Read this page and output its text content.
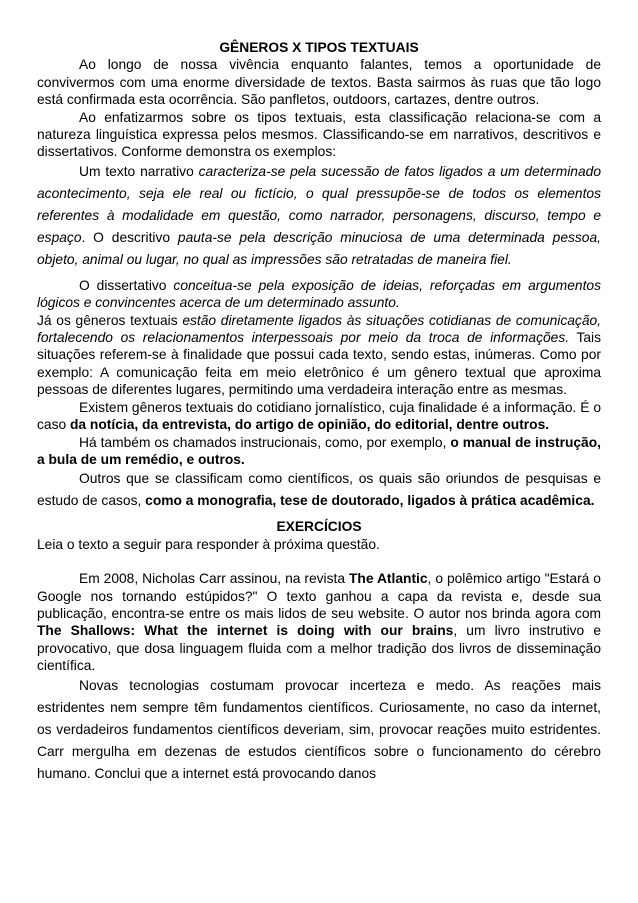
GÊNEROS X TIPOS TEXTUAIS

Ao longo de nossa vivência enquanto falantes, temos a oportunidade de convivermos com uma enorme diversidade de textos. Basta sairmos às ruas que tão logo está confirmada esta ocorrência. São panfletos, outdoors, cartazes, dentre outros.

Ao enfatizarmos sobre os tipos textuais, esta classificação relaciona-se com a natureza linguística expressa pelos mesmos. Classificando-se em narrativos, descritivos e dissertativos. Conforme demonstra os exemplos:

Um texto narrativo caracteriza-se pela sucessão de fatos ligados a um determinado acontecimento, seja ele real ou fictício, o qual pressupõe-se de todos os elementos referentes à modalidade em questão, como narrador, personagens, discurso, tempo e espaço. O descritivo pauta-se pela descrição minuciosa de uma determinada pessoa, objeto, animal ou lugar, no qual as impressões são retratadas de maneira fiel.

O dissertativo conceitua-se pela exposição de ideias, reforçadas em argumentos lógicos e convincentes acerca de um determinado assunto.

Já os gêneros textuais estão diretamente ligados às situações cotidianas de comunicação, fortalecendo os relacionamentos interpessoais por meio da troca de informações. Tais situações referem-se à finalidade que possui cada texto, sendo estas, inúmeras. Como por exemplo: A comunicação feita em meio eletrônico é um gênero textual que aproxima pessoas de diferentes lugares, permitindo uma verdadeira interação entre as mesmas.

Existem gêneros textuais do cotidiano jornalístico, cuja finalidade é a informação. É o caso da notícia, da entrevista, do artigo de opinião, do editorial, dentre outros.

Há também os chamados instrucionais, como, por exemplo, o manual de instrução, a bula de um remédio, e outros.

Outros que se classificam como científicos, os quais são oriundos de pesquisas e estudo de casos, como a monografia, tese de doutorado, ligados à prática acadêmica.

EXERCÍCIOS

Leia o texto a seguir para responder à próxima questão.

Em 2008, Nicholas Carr assinou, na revista The Atlantic, o polêmico artigo "Estará o Google nos tornando estúpidos?" O texto ganhou a capa da revista e, desde sua publicação, encontra-se entre os mais lidos de seu website. O autor nos brinda agora com The Shallows: What the internet is doing with our brains, um livro instrutivo e provocativo, que dosa linguagem fluida com a melhor tradição dos livros de disseminação científica.

Novas tecnologias costumam provocar incerteza e medo. As reações mais estridentes nem sempre têm fundamentos científicos. Curiosamente, no caso da internet, os verdadeiros fundamentos científicos deveriam, sim, provocar reações muito estridentes. Carr mergulha em dezenas de estudos científicos sobre o funcionamento do cérebro humano. Conclui que a internet está provocando danos
